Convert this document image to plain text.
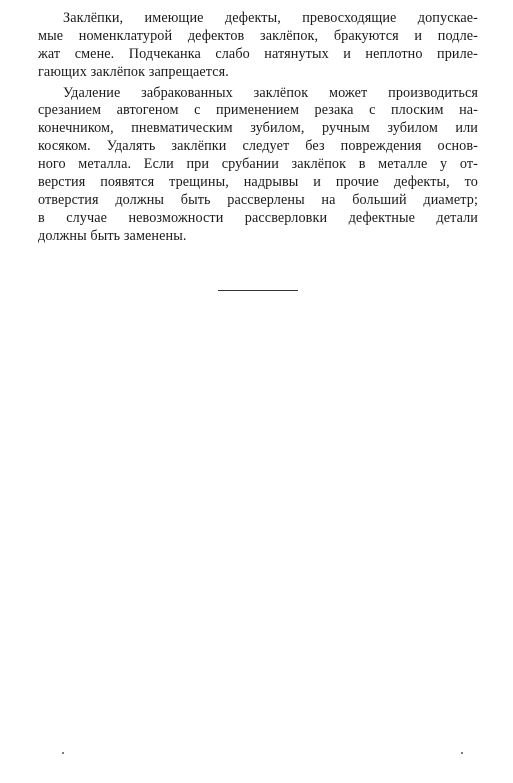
Заклёпки, имеющие дефекты, превосходящие допускае-
мые номенклатурой дефектов заклёпок, бракуются и подле-
жат смене. Подчеканка слабо натянутых и неплотно приле-
гающих заклёпок запрещается.
Удаление забракованных заклёпок может производиться
срезанием автогеном с применением резака с плоским на-
конечником, пневматическим зубилом, ручным зубилом или
косяком. Удалять заклёпки следует без повреждения основ-
ного металла. Если при срубании заклёпок в металле у от-
верстия появятся трещины, надрывы и прочие дефекты, то
отверстия должны быть рассверлены на больший диаметр;
в случае невозможности рассверловки дефектные детали
должны быть заменены.
